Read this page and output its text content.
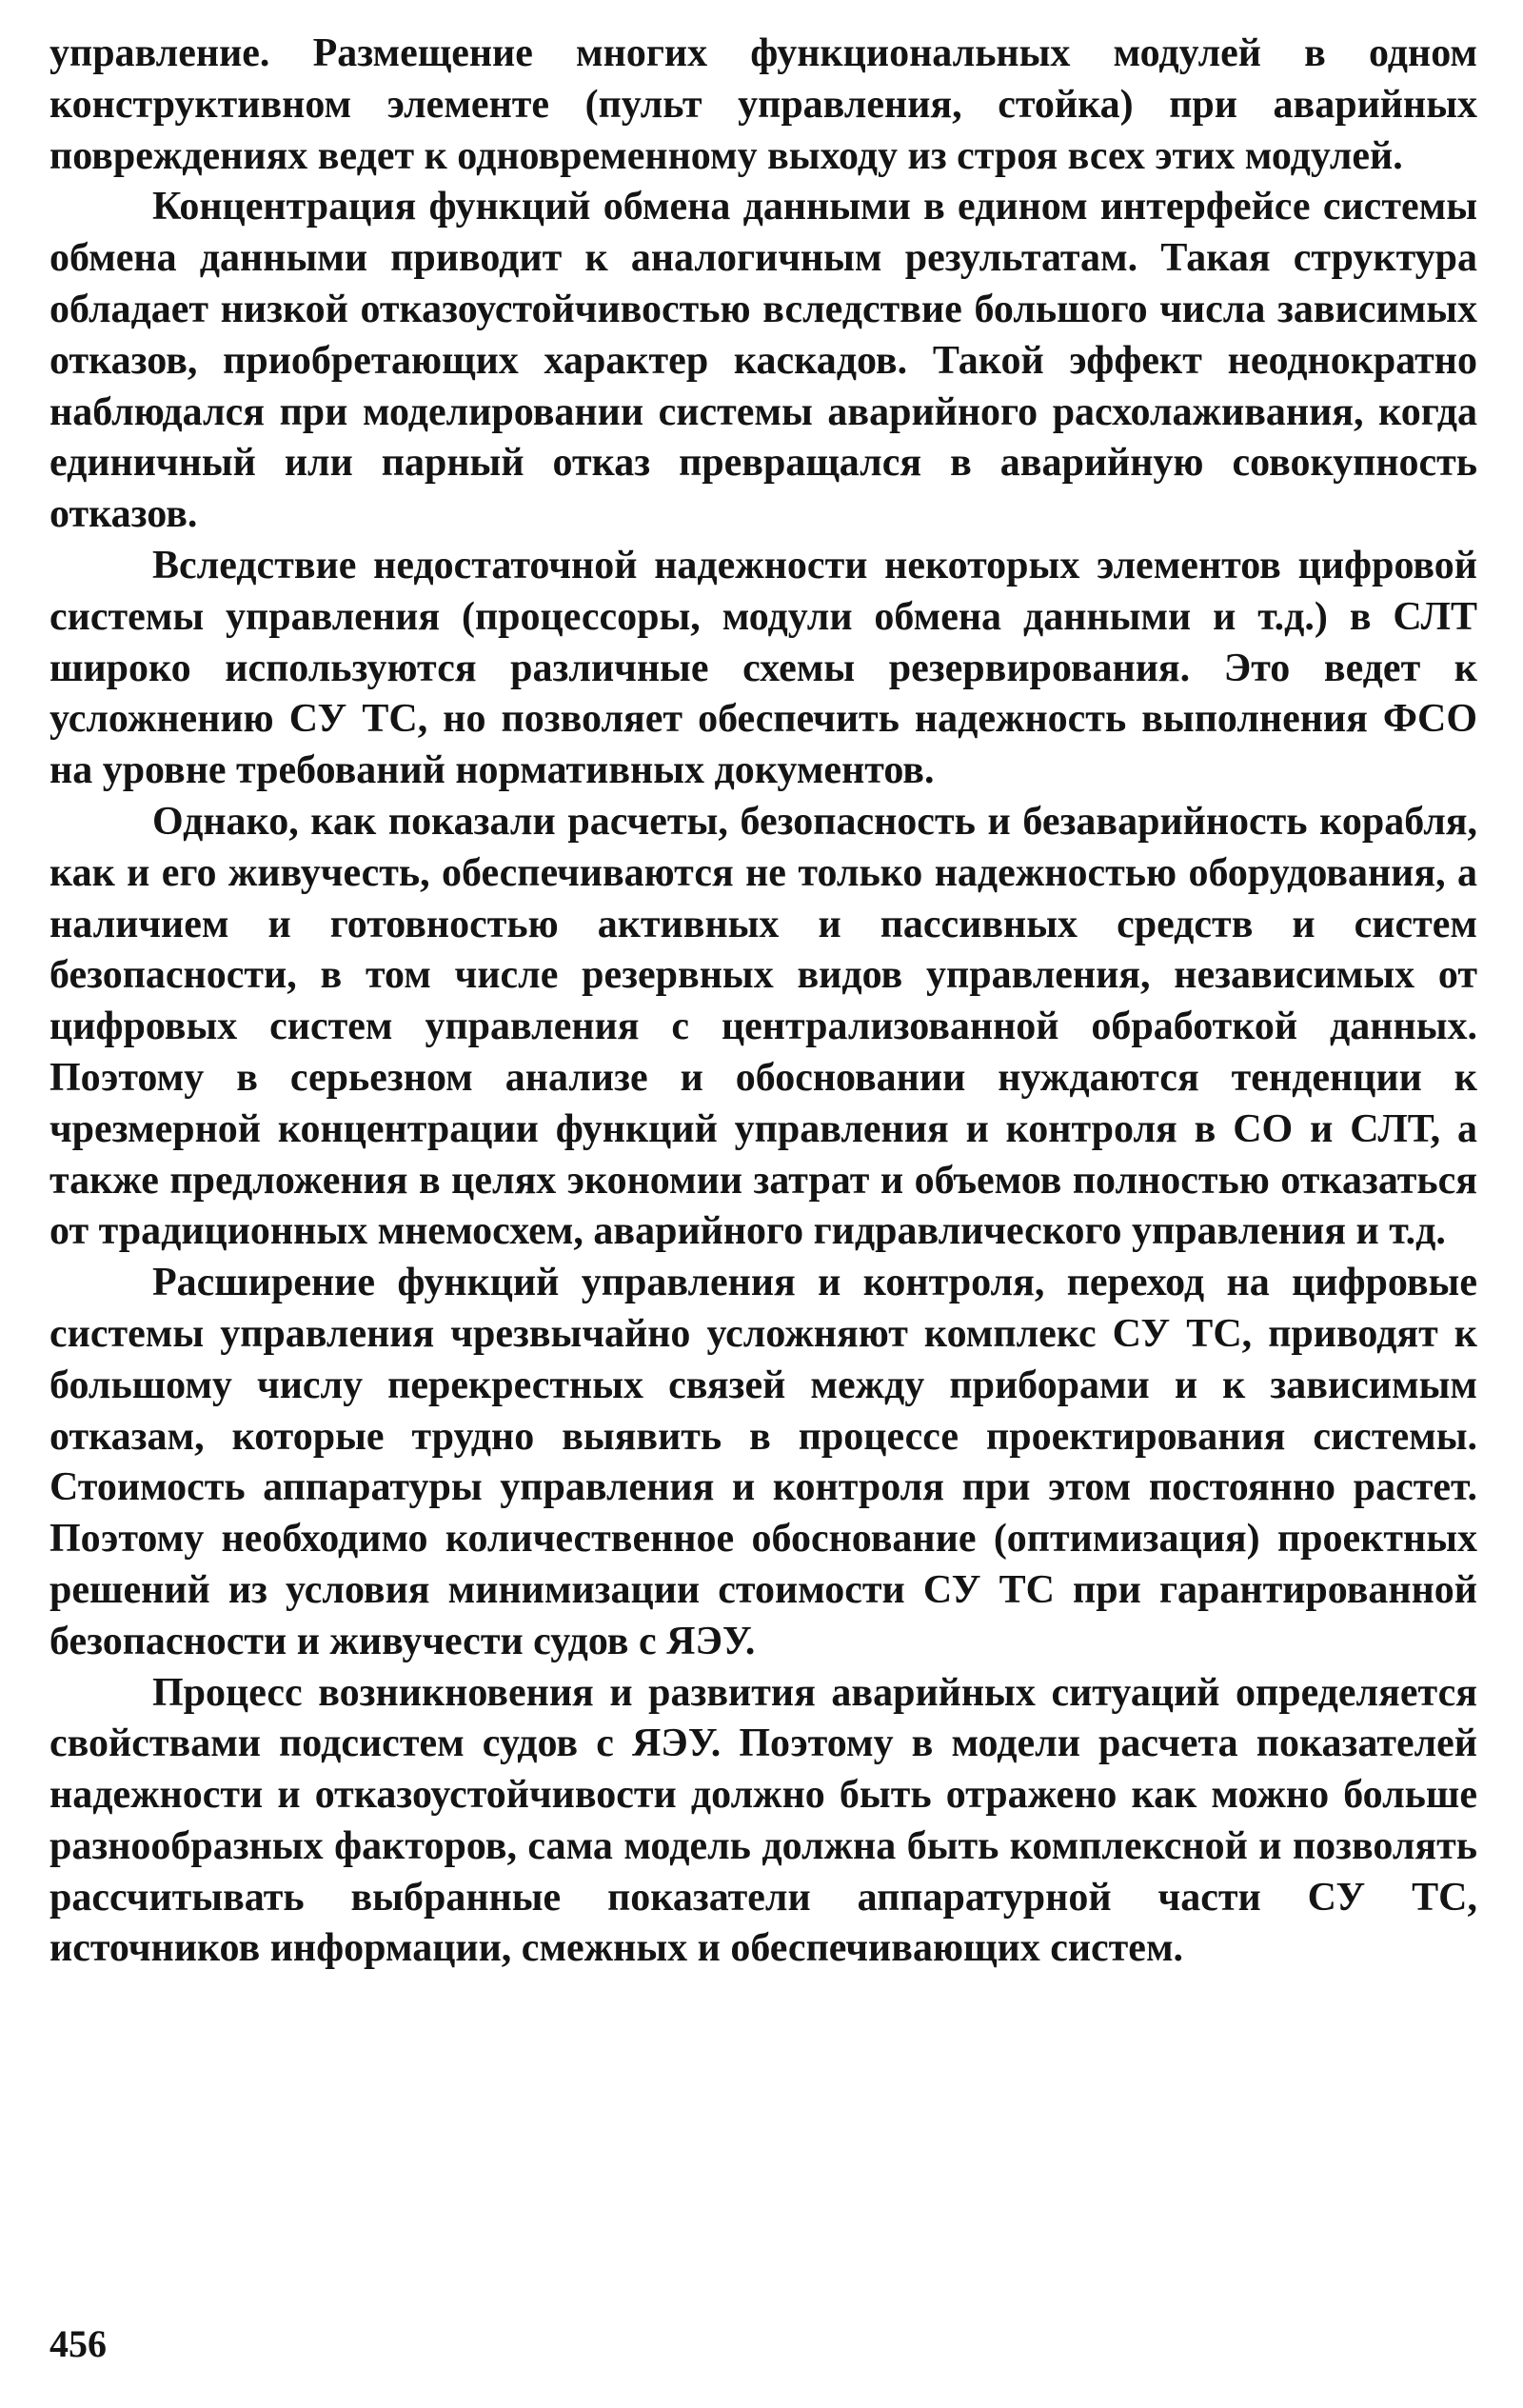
управление. Размещение многих функциональных модулей в одном конструктивном элементе (пульт управления, стойка) при аварийных повреждениях ведет к одновременному выходу из строя всех этих модулей.

Концентрация функций обмена данными в едином интерфейсе системы обмена данными приводит к аналогичным результатам. Такая структура обладает низкой отказоустойчивостью вследствие большого числа зависимых отказов, приобретающих характер каскадов. Такой эффект неоднократно наблюдался при моделировании системы аварийного расхолаживания, когда единичный или парный отказ превращался в аварийную совокупность отказов.

Вследствие недостаточной надежности некоторых элементов цифровой системы управления (процессоры, модули обмена данными и т.д.) в СЛТ широко используются различные схемы резервирования. Это ведет к усложнению СУ ТС, но позволяет обеспечить надежность выполнения ФСО на уровне требований нормативных документов.

Однако, как показали расчеты, безопасность и безаварийность корабля, как и его живучесть, обеспечиваются не только надежностью оборудования, а наличием и готовностью активных и пассивных средств и систем безопасности, в том числе резервных видов управления, независимых от цифровых систем управления с централизованной обработкой данных. Поэтому в серьезном анализе и обосновании нуждаются тенденции к чрезмерной концентрации функций управления и контроля в СО и СЛТ, а также предложения в целях экономии затрат и объемов полностью отказаться от традиционных мнемосхем, аварийного гидравлического управления и т.д.

Расширение функций управления и контроля, переход на цифровые системы управления чрезвычайно усложняют комплекс СУ ТС, приводят к большому числу перекрестных связей между приборами и к зависимым отказам, которые трудно выявить в процессе проектирования системы. Стоимость аппаратуры управления и контроля при этом постоянно растет. Поэтому необходимо количественное обоснование (оптимизация) проектных решений из условия минимизации стоимости СУ ТС при гарантированной безопасности и живучести судов с ЯЭУ.

Процесс возникновения и развития аварийных ситуаций определяется свойствами подсистем судов с ЯЭУ. Поэтому в модели расчета показателей надежности и отказоустойчивости должно быть отражено как можно больше разнообразных факторов, сама модель должна быть комплексной и позволять рассчитывать выбранные показатели аппаратурной части СУ ТС, источников информации, смежных и обеспечивающих систем.

456
